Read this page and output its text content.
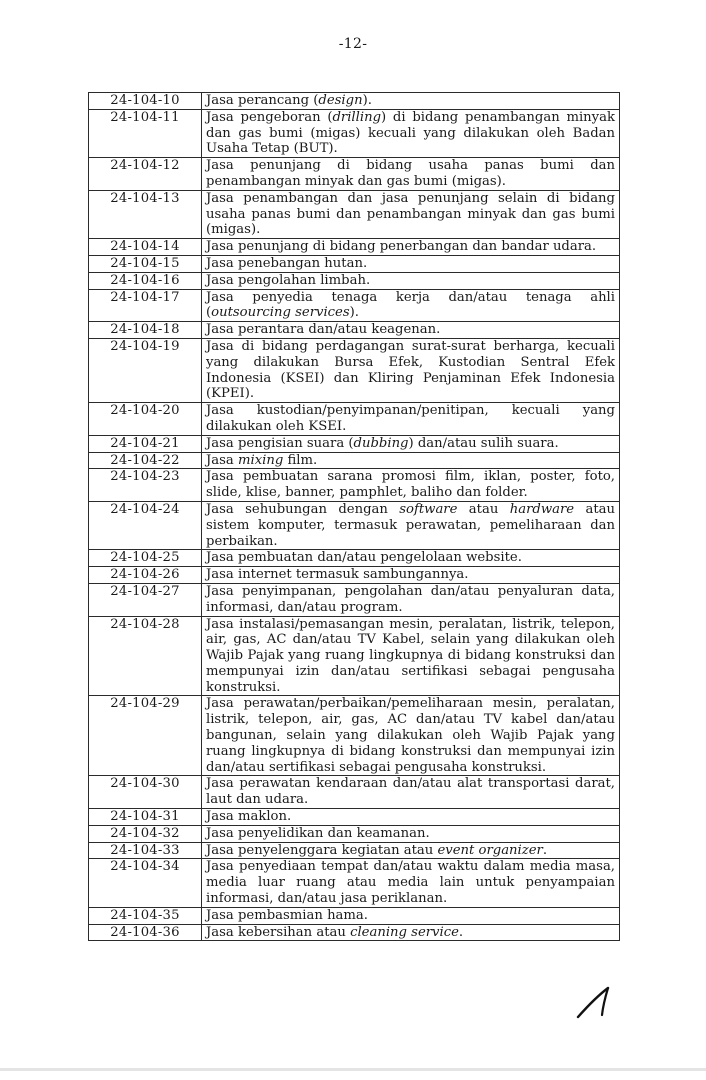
-12-
24-104-10	Jasa perancang (design).
24-104-11	Jasa pengeboran (drilling) di bidang penambangan minyak dan gas bumi (migas) kecuali yang dilakukan oleh Badan Usaha Tetap (BUT).
24-104-12	Jasa penunjang di bidang usaha panas bumi dan penambangan minyak dan gas bumi (migas).
24-104-13	Jasa penambangan dan jasa penunjang selain di bidang usaha panas bumi dan penambangan minyak dan gas bumi (migas).
24-104-14	Jasa penunjang di bidang penerbangan dan bandar udara.
24-104-15	Jasa penebangan hutan.
24-104-16	Jasa pengolahan limbah.
24-104-17	Jasa penyedia tenaga kerja dan/atau tenaga ahli (outsourcing services).
24-104-18	Jasa perantara dan/atau keagenan.
24-104-19	Jasa di bidang perdagangan surat-surat berharga, kecuali yang dilakukan Bursa Efek, Kustodian Sentral Efek Indonesia (KSEI) dan Kliring Penjaminan Efek Indonesia (KPEI).
24-104-20	Jasa kustodian/penyimpanan/penitipan, kecuali yang dilakukan oleh KSEI.
24-104-21	Jasa pengisian suara (dubbing) dan/atau sulih suara.
24-104-22	Jasa mixing film.
24-104-23	Jasa pembuatan sarana promosi film, iklan, poster, foto, slide, klise, banner, pamphlet, baliho dan folder.
24-104-24	Jasa sehubungan dengan software atau hardware atau sistem komputer, termasuk perawatan, pemeliharaan dan perbaikan.
24-104-25	Jasa pembuatan dan/atau pengelolaan website.
24-104-26	Jasa internet termasuk sambungannya.
24-104-27	Jasa penyimpanan, pengolahan dan/atau penyaluran data, informasi, dan/atau program.
24-104-28	Jasa instalasi/pemasangan mesin, peralatan, listrik, telepon, air, gas, AC dan/atau TV Kabel, selain yang dilakukan oleh Wajib Pajak yang ruang lingkupnya di bidang konstruksi dan mempunyai izin dan/atau sertifikasi sebagai pengusaha konstruksi.
24-104-29	Jasa perawatan/perbaikan/pemeliharaan mesin, peralatan, listrik, telepon, air, gas, AC dan/atau TV kabel dan/atau bangunan, selain yang dilakukan oleh Wajib Pajak yang ruang lingkupnya di bidang konstruksi dan mempunyai izin dan/atau sertifikasi sebagai pengusaha konstruksi.
24-104-30	Jasa perawatan kendaraan dan/atau alat transportasi darat, laut dan udara.
24-104-31	Jasa maklon.
24-104-32	Jasa penyelidikan dan keamanan.
24-104-33	Jasa penyelenggara kegiatan atau event organizer.
24-104-34	Jasa penyediaan tempat dan/atau waktu dalam media masa, media luar ruang atau media lain untuk penyampaian informasi, dan/atau jasa periklanan.
24-104-35	Jasa pembasmian hama.
24-104-36	Jasa kebersihan atau cleaning service.
